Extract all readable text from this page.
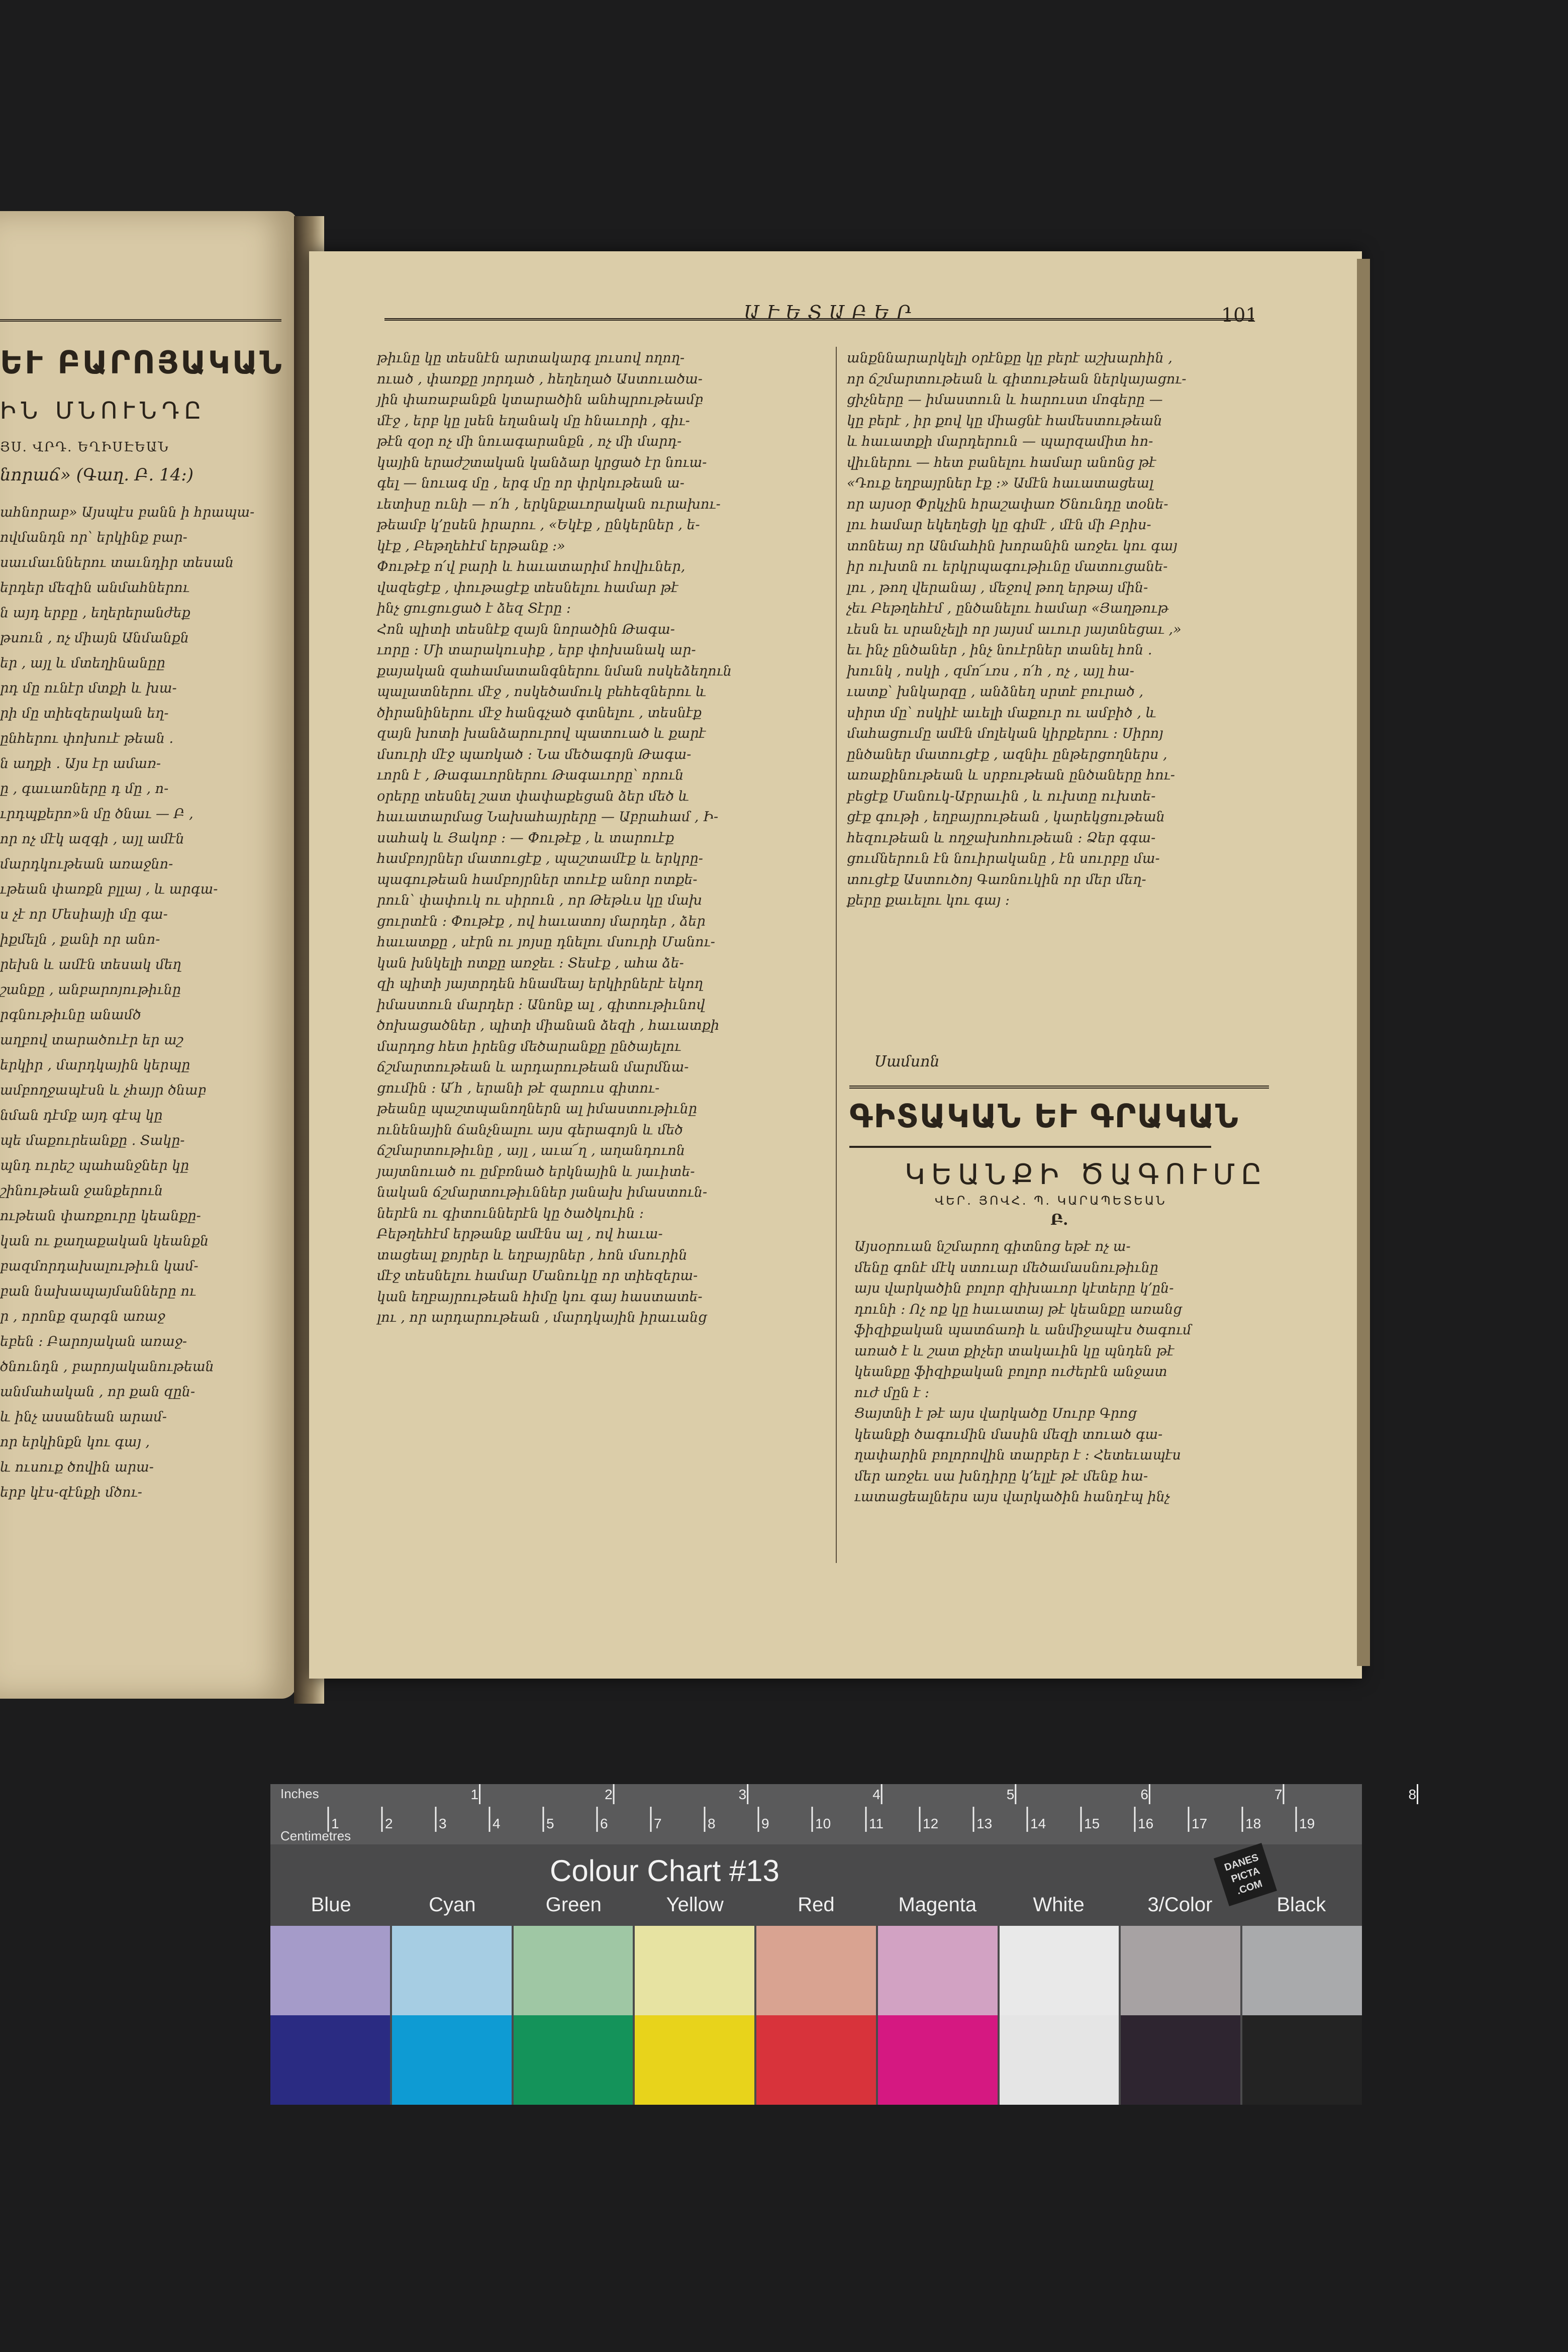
ԵՒ ԲԱՐՈՅԱԿԱՆ
ԻՆ ՄՆՈՒՆԴԸ
ՅՍ. ՎՐԴ. ԵՂԻՍԷԵԱՆ
նորաճ» (Գաղ. Բ. 14:)
ահնորաբ» Այսպէս բանն ի հրապա-
ովմանդն որ՝ երկինք բար-
սաւմաւններու տաւնդիր տեսան
երդեր մեզին անմահներու
ն այդ երբը , եղերերանժեք
թսուն , ոչ միայն Անմանքն
եր , այլ և մտեղինանըը
րդ մը ունէր մտքի և խա-
րի մը տիեզերական եղ-
ընհերու փոխուէ թեան .
ն աղքի . Այս էր ամառ-
ը , գաւառները դ մը , ո-
ւրդպքերո»ն մը ծնաւ — Բ ,
որ ոչ մէկ ազգի , այլ ամէն
մարդկութեան առաջնո-
ւթեան փառքն բլլայ , և արգա-
ս չէ որ Մեսիայի մը գա-
իքմելն , քանի որ անո-
րեխն և ամէն տեսակ մեղ
շանքը , անբարոյութիւնը
րգնութիւնը անամծ
աղբով տարածուէր եր աշ
երկիր , մարդկային կերպը
ամբողջապէսն և չհայր ծնաբ
նման դէմք այդ գէպ կը
պե մաքուրեանքը . Տակը-
պնդ ուրեշ պահանջներ կը
շինութեան ջանքերուն
ութեան փառքուրը կեանքը-
կան ու քաղաքական կեանքն
բազմորդախալութիւն կամ-
բան նախապայմանները ու
ր , որոնք զարգն առաջ
եբեն : Բարոյական առաջ-
ծնունդն , բարոյականութեան
անմահական , որ քան զըն-
և ինչ ասանեան արամ-
որ երկինքն կու գայ ,
և ուսուք ծովին արա-
երբ կէս-զէնքի մծու-
ԱՒԵՏԱԲԵՐ	101
թիւնը կը տեսնէն արտակարգ լուսով ողող-
ուած , փառքը յորդած , հեղեղած Աստուածա-
յին փառաբանքն կտարածին անհպրութեամբ
մէջ , երբ կը լսեն եղանակ մը հնաւորի , գիւ-
թէն զօր ոչ մի նուագարանքն , ոչ մի մարդ-
կային երաժշտական կանձար կրցած էր նուա-
գել — նուագ մը , երգ մը որ փրկութեան ա-
ւետիսը ունի — ո՛հ , երկնքաւորական ուրախու-
թեամբ կ՚ըսեն իրարու , «Եկէք , ընկերներ , ե-
կէք , Բեթղեհէմ երթանք :»
Փութէք ո՛վ բարի և հաւատարիմ հովիւներ,
վազեցէք , փութացէք տեսնելու համար թէ
ինչ ցուցուցած է ձեզ Տէրը :
Հոն պիտի տեսնէք զայն նորածին Թագա-
ւորը : Մի տարակուսիք , երբ փոխանակ ար-
քայական զահամատանգներու նման ոսկեձեղուն
պալատներու մէջ , ոսկեծամուկ բեհեզներու և
ծիրանիներու մէջ հանգչած գտնելու , տեսնէք
զայն խոտի խանձարուրով պատուած և քարէ
մսուրի մէջ պառկած : Նա մեծագոյն Թագա-
ւորն է , Թագաւորներու Թագաւորը՝ որուն
օրերը տեսնել շատ փափաքեցան ձեր մեծ և
հաւատարմաց Նախահայրերը — Աբրահամ , Ի-
սահակ և Յակոբ : — Փութէք , և տարուէք
համբոյրներ մատուցէք , պաշտամէք և երկրը-
պագութեան համբոյրներ տուէք անոր ոտքե-
րուն՝ փափուկ ու սիրուն , որ Թեթևս կը մախ
ցուրտէն : Փութէք , ով հաւատոյ մարդեր , ձեր
հաւատքը , սէրն ու յոյսը դնելու մսուրի Մանու-
կան խնկելի ոտքը առջեւ : Տեսէք , ահա ձե-
զի պիտի յայտրդեն հնամեայ երկիրներէ եկող
իմաստուն մարդեր : Անոնք ալ , գիտութիւնով
ծոխացածներ , պիտի միանան ձեզի , հաւատքի
մարդոց հետ իրենց մեծարանքը ընծայելու
ճշմարտութեան և արդարութեան մարմնա-
ցումին : Ա՛հ , երանի թէ զարուս գիտու-
թեանը պաշտպանողներն ալ իմաստութիւնը
ունենային ճանչնալու այս գերագոյն և մեծ
ճշմարտութիւնը , այլ , աւա՜ղ , աղանդուոն
յայտնուած ու ըմբռնած երկնային և յաւիտե-
նական ճշմարտութիւններ յանախ իմաստուն-
ներէն ու գիտուններէն կը ծածկուին :
Բեթղեհէմ երթանք ամէնս ալ , ով հաւա-
տացեալ քոյրեր և եղբայրներ , հոն մսուրին
մէջ տեսնելու համար Մանուկը որ տիեզերա-
կան եղբայրութեան հիմը կու գայ հաստատե-
լու , որ արդարութեան , մարդկային իրաւանց
անքննարարկելի օրէնքը կը բերէ աշխարհին ,
որ ճշմարտութեան և գիտութեան ներկայացու-
ցիչները — իմաստուն և հարուստ մոգերը —
կը բերէ , իր քով կը միացնէ համեստութեան
և հաւատքի մարդերուն — պարզամիտ հո-
վիւներու — հետ բանելու համար անոնց թէ
«Դուք եղբայրներ էք :» Ամէն հաւատացեալ
որ այսօր Փրկչին հրաշափառ Ծնունդը տօնե-
լու համար եկեղեցի կը գիմէ , մէն մի Բրիս-
տոնեայ որ Անմահին խորանին առջեւ կու գայ
իր ուխտն ու երկրպագութիւնը մատուցանե-
լու , թող վերանայ , մեջով թող երթայ մին-
չեւ Բեթղեհէմ , ընծանելու համար «Յաղթութ
ւեսն եւ սրանչելի որ յայսմ աւուր յայտնեցաւ ,»
եւ ինչ ընծաներ , ինչ նուէրներ տանել հոն .
խունկ , ոսկի , զմո՜ւռս , ո՛հ , ոչ , այլ հա-
ւատք՝ խնկարզը , անձնեղ սրտէ բուրած ,
սիրտ մը՝ ոսկիէ աւելի մաքուր ու ամբիծ , և
մահացումը ամէն մոլեկան կիրքերու : Սիրոյ
ընծաներ մատուցէք , ազնիւ ընթերցողներս ,
առաքինութեան և սրբութեան ընծաները հու-
բեցէք Մանուկ-Աբրաւին , և ուխտը ուխտե-
ցէք գութի , եղբայրութեան , կարեկցութեան
հեզութեան և ողջախոհութեան : Ձեր գգա-
ցումներուն էն նուիրականը , էն սուրբը մա-
տուցէք Աստուծոյ Գառնուկին որ մեր մեղ-
քերը քաւելու կու գայ :
Սամսոն
ԳԻՏԱԿԱՆ ԵՒ ԳՐԱԿԱՆ
ԿԵԱՆՔԻ ԾԱԳՈՒՄԸ
ՎԵՐ. ՅՈՎՀ. Պ. ԿԱՐԱՊԵՏԵԱՆ
Բ.
Այսօրուան նշմարող գիտնոց եթէ ոչ ա-
մենը գոնէ մէկ ստուար մեծամասնութիւնը
այս վարկածին բոլոր զիխաւոր կէտերը կ՚ըն-
դունի : Ոչ ոք կը հաւատայ թէ կեանքը առանց
ֆիզիքական պատճառի և անմիջապէս ծագում
առած է և շատ քիչեր տակաւին կը պնդեն թէ
կեանքը ֆիզիքական բոլոր ուժերէն անջատ
ուժ մըն է :
Ցայտնի է թէ այս վարկածը Սուրբ Գրոց
կեանքի ծագումին մասին մեզի տուած գա-
ղափարին բոլորովին տարբեր է : Հետեւապէս
մեր առջեւ սա խնդիրը կ՚ելլէ թէ մենք հա-
ւատացեալներս այս վարկածին հանդէպ ինչ
1	2	3	4	5	6	7	8
1	2	3	4	5	6	7	8	9	10	11	12	13	14	15	16	17	18	19
Inches
Centimetres
Colour Chart #13	DANES PICTA .COM
Blue	Cyan	Green	Yellow	Red	Magenta	White	3/Color	Black
